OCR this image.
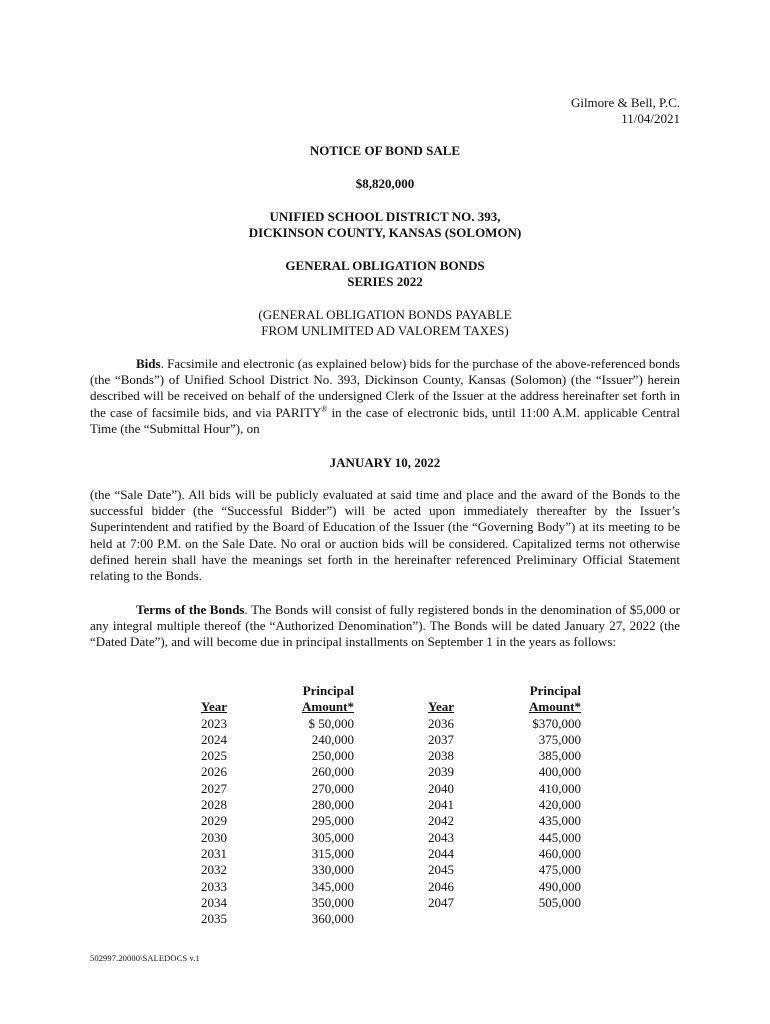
Gilmore & Bell, P.C.
11/04/2021
NOTICE OF BOND SALE
$8,820,000
UNIFIED SCHOOL DISTRICT NO. 393,
DICKINSON COUNTY, KANSAS (SOLOMON)
GENERAL OBLIGATION BONDS
SERIES 2022
(GENERAL OBLIGATION BONDS PAYABLE
FROM UNLIMITED AD VALOREM TAXES)
Bids. Facsimile and electronic (as explained below) bids for the purchase of the above-referenced bonds (the “Bonds”) of Unified School District No. 393, Dickinson County, Kansas (Solomon) (the “Issuer”) herein described will be received on behalf of the undersigned Clerk of the Issuer at the address hereinafter set forth in the case of facsimile bids, and via PARITY® in the case of electronic bids, until 11:00 A.M. applicable Central Time (the “Submittal Hour”), on
JANUARY 10, 2022
(the “Sale Date”). All bids will be publicly evaluated at said time and place and the award of the Bonds to the successful bidder (the “Successful Bidder”) will be acted upon immediately thereafter by the Issuer’s Superintendent and ratified by the Board of Education of the Issuer (the “Governing Body”) at its meeting to be held at 7:00 P.M. on the Sale Date. No oral or auction bids will be considered. Capitalized terms not otherwise defined herein shall have the meanings set forth in the hereinafter referenced Preliminary Official Statement relating to the Bonds.
Terms of the Bonds. The Bonds will consist of fully registered bonds in the denomination of $5,000 or any integral multiple thereof (the “Authorized Denomination”). The Bonds will be dated January 27, 2022 (the “Dated Date”), and will become due in principal installments on September 1 in the years as follows:
Year
2023
2024
2025
2026
2027
2028
2029
2030
2031
2032
2033
2034
2035
Principal
Amount*
$ 50,000
240,000
250,000
260,000
270,000
280,000
295,000
305,000
315,000
330,000
345,000
350,000
360,000
Year
2036
2037
2038
2039
2040
2041
2042
2043
2044
2045
2046
2047
Principal
Amount*
$370,000
375,000
385,000
400,000
410,000
420,000
435,000
445,000
460,000
475,000
490,000
505,000
502997.20000\SALEDOCS v.1
